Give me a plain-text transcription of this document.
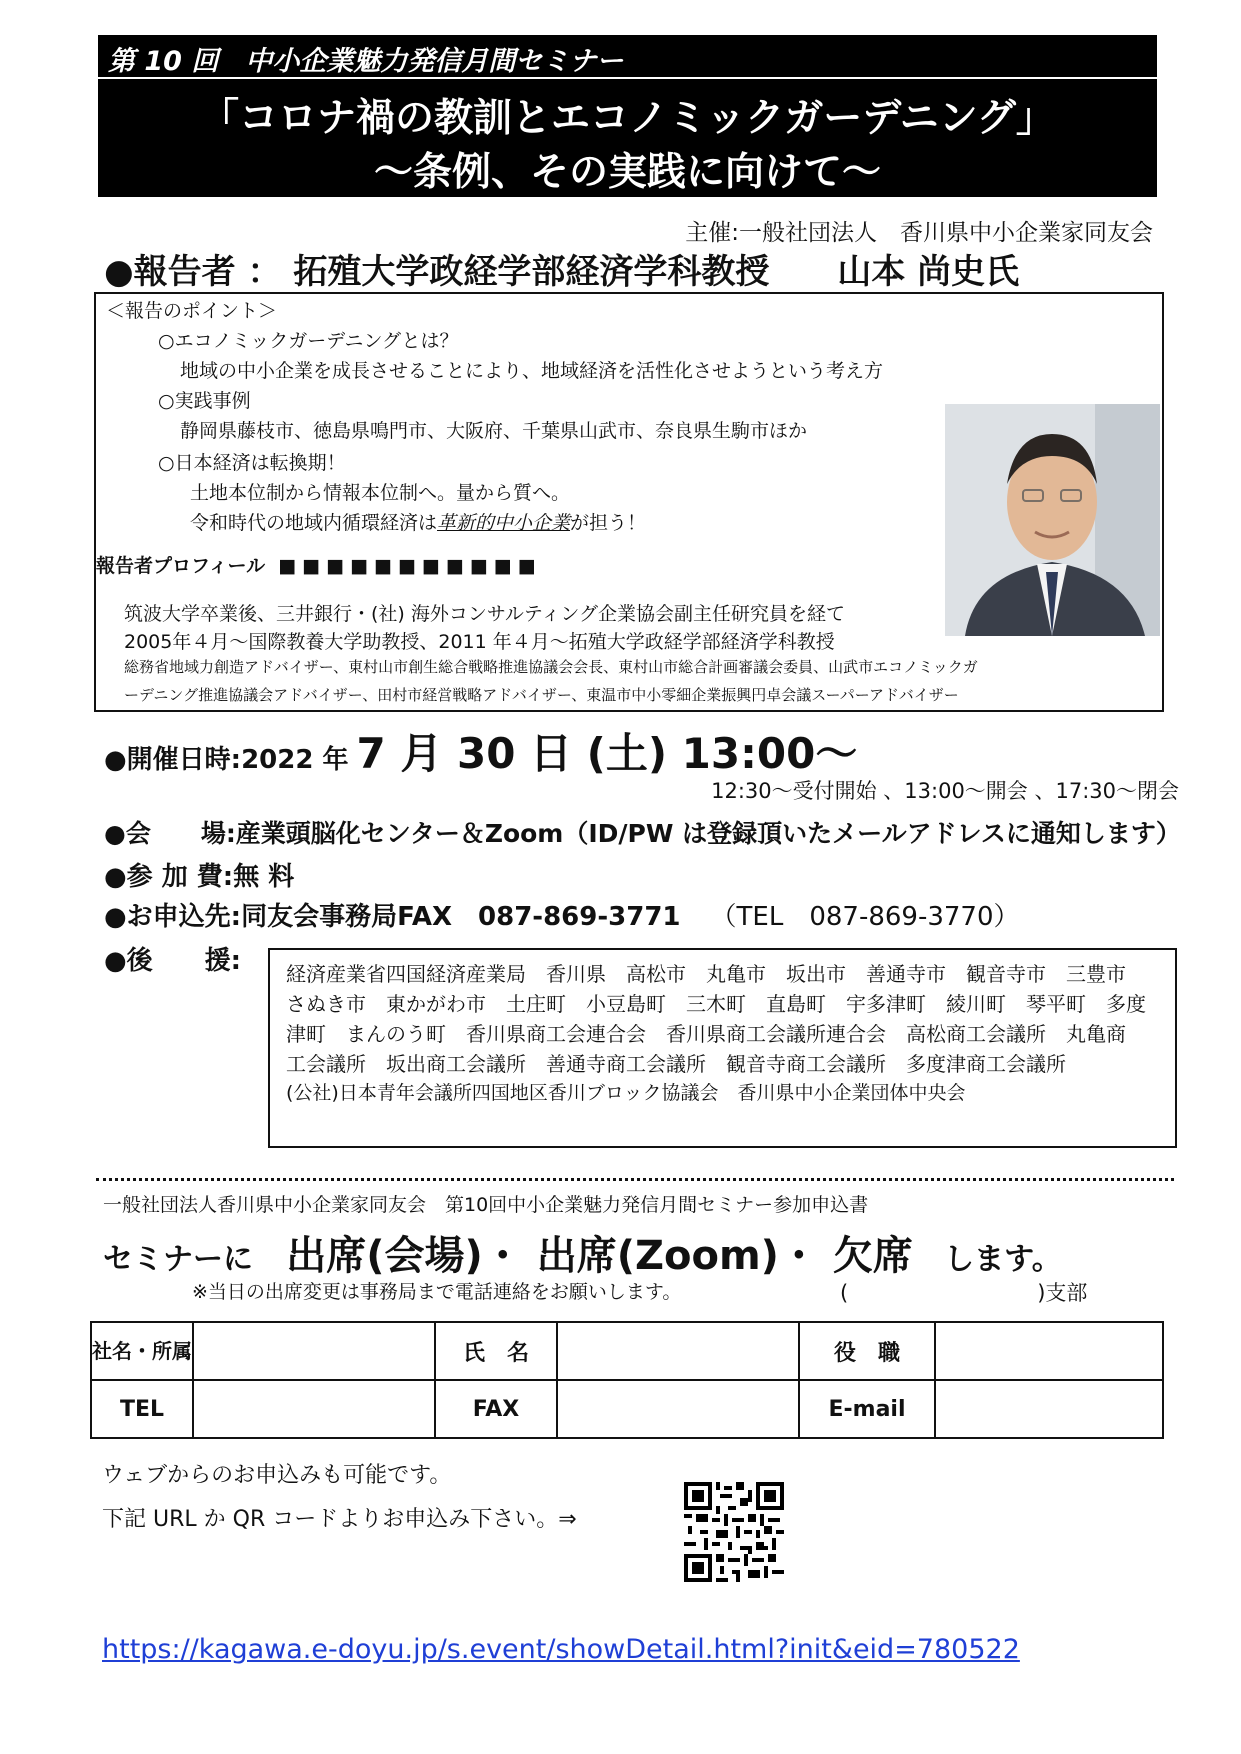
第 10 回　中小企業魅力発信月間セミナー
「コロナ禍の教訓とエコノミックガーデニング」
～条例、その実践に向けて～
主催:一般社団法人　香川県中小企業家同友会
●報告者 ： 拓殖大学政経学部経済学科教授　　山本 尚史氏
＜報告のポイント＞
○エコノミックガーデニングとは？
地域の中小企業を成長させることにより、地域経済を活性化させようという考え方
○実践事例
静岡県藤枝市、徳島県鳴門市、大阪府、千葉県山武市、奈良県生駒市ほか
○日本経済は転換期！
土地本位制から情報本位制へ。量から質へ。
令和時代の地域内循環経済は革新的中小企業が担う！
報告者プロフィール ■■■■■■■■■■■
筑波大学卒業後、三井銀行・(社) 海外コンサルティング企業協会副主任研究員を経て
2005年４月～国際教養大学助教授、2011 年４月～拓殖大学政経学部経済学科教授
総務省地域力創造アドバイザー、東村山市創生総合戦略推進協議会会長、東村山市総合計画審議会委員、山武市エコノミックガ
ーデニング推進協議会アドバイザー、田村市経営戦略アドバイザー、東温市中小零細企業振興円卓会議スーパーアドバイザー
●開催日時:2022 年 7 月 30 日 (土) 13:00～
12:30～受付開始 、13:00～開会 、17:30～閉会
●会　　場:産業頭脳化センター＆Zoom（ID/PW は登録頂いたメールアドレスに通知します）
●参 加 費:無 料
●お申込先:同友会事務局FAX　087-869-3771 （TEL　087-869-3770）
●後　　援: 経済産業省四国経済産業局　香川県　高松市　丸亀市　坂出市　善通寺市　観音寺市　三豊市
さぬき市　東かがわ市　土庄町　小豆島町　三木町　直島町　宇多津町　綾川町　琴平町　多度
津町　まんのう町　香川県商工会連合会　香川県商工会議所連合会　高松商工会議所　丸亀商
工会議所　坂出商工会議所　善通寺商工会議所　観音寺商工会議所　多度津商工会議所
(公社)日本青年会議所四国地区香川ブロック協議会　香川県中小企業団体中央会
一般社団法人香川県中小企業家同友会　第10回中小企業魅力発信月間セミナー参加申込書
セミナーに 出席(会場)・ 出席(Zoom)・ 欠席 します。
※当日の出席変更は事務局まで電話連絡をお願いします。	(　　　　　　　　　)支部
社名・所属		氏　名		役　職	
TEL		FAX		E-mail	
ウェブからのお申込みも可能です。
下記 URL か QR コードよりお申込み下さい。⇒
https://kagawa.e-doyu.jp/s.event/showDetail.html?init&eid=780522
